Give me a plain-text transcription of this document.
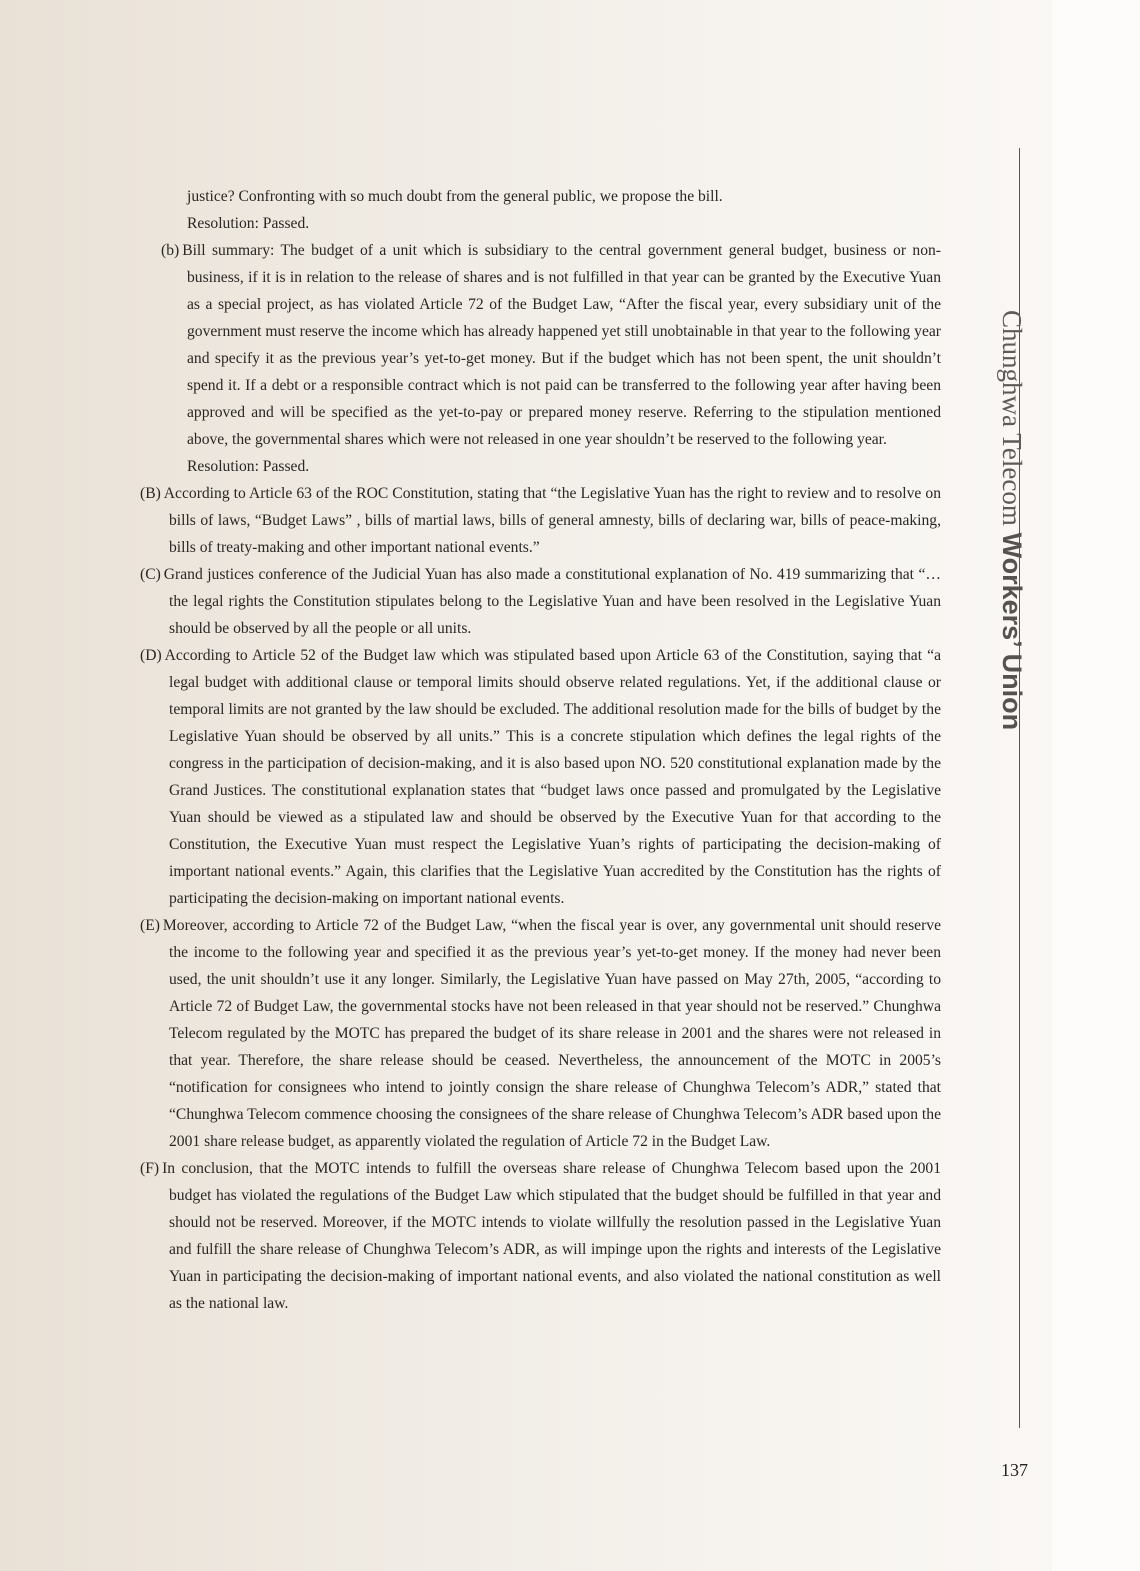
justice? Confronting with so much doubt from the general public, we propose the bill.

Resolution: Passed.

(b) Bill summary: The budget of a unit which is subsidiary to the central government general budget, business or non-business, if it is in relation to the release of shares and is not fulfilled in that year can be granted by the Executive Yuan as a special project, as has violated Article 72 of the Budget Law, “After the fiscal year, every subsidiary unit of the government must reserve the income which has already happened yet still unobtainable in that year to the following year and specify it as the previous year’s yet-to-get money. But if the budget which has not been spent, the unit shouldn’t spend it. If a debt or a responsible contract which is not paid can be transferred to the following year after having been approved and will be specified as the yet-to-pay or prepared money reserve. Referring to the stipulation mentioned above, the governmental shares which were not released in one year shouldn’t be reserved to the following year.

Resolution: Passed.

(B) According to Article 63 of the ROC Constitution, stating that “the Legislative Yuan has the right to review and to resolve on bills of laws, “Budget Laws” , bills of martial laws, bills of general amnesty, bills of declaring war, bills of peace-making, bills of treaty-making and other important national events.”

(C) Grand justices conference of the Judicial Yuan has also made a constitutional explanation of No. 419 summarizing that “… the legal rights the Constitution stipulates belong to the Legislative Yuan and have been resolved in the Legislative Yuan should be observed by all the people or all units.

(D) According to Article 52 of the Budget law which was stipulated based upon Article 63 of the Constitution, saying that “a legal budget with additional clause or temporal limits should observe related regulations. Yet, if the additional clause or temporal limits are not granted by the law should be excluded. The additional resolution made for the bills of budget by the Legislative Yuan should be observed by all units.” This is a concrete stipulation which defines the legal rights of the congress in the participation of decision-making, and it is also based upon NO. 520 constitutional explanation made by the Grand Justices. The constitutional explanation states that “budget laws once passed and promulgated by the Legislative Yuan should be viewed as a stipulated law and should be observed by the Executive Yuan for that according to the Constitution, the Executive Yuan must respect the Legislative Yuan’s rights of participating the decision-making of important national events.” Again, this clarifies that the Legislative Yuan accredited by the Constitution has the rights of participating the decision-making on important national events.

(E) Moreover, according to Article 72 of the Budget Law, “when the fiscal year is over, any governmental unit should reserve the income to the following year and specified it as the previous year’s yet-to-get money. If the money had never been used, the unit shouldn’t use it any longer. Similarly, the Legislative Yuan have passed on May 27th, 2005, “according to Article 72 of Budget Law, the governmental stocks have not been released in that year should not be reserved.” Chunghwa Telecom regulated by the MOTC has prepared the budget of its share release in 2001 and the shares were not released in that year. Therefore, the share release should be ceased. Nevertheless, the announcement of the MOTC in 2005’s “notification for consignees who intend to jointly consign the share release of Chunghwa Telecom’s ADR,” stated that “Chunghwa Telecom commence choosing the consignees of the share release of Chunghwa Telecom’s ADR based upon the 2001 share release budget, as apparently violated the regulation of Article 72 in the Budget Law.

(F) In conclusion, that the MOTC intends to fulfill the overseas share release of Chunghwa Telecom based upon the 2001 budget has violated the regulations of the Budget Law which stipulated that the budget should be fulfilled in that year and should not be reserved. Moreover, if the MOTC intends to violate willfully the resolution passed in the Legislative Yuan and fulfill the share release of Chunghwa Telecom’s ADR, as will impinge upon the rights and interests of the Legislative Yuan in participating the decision-making of important national events, and also violated the national constitution as well as the national law.

Chunghwa Telecom Workers’ Union
137
